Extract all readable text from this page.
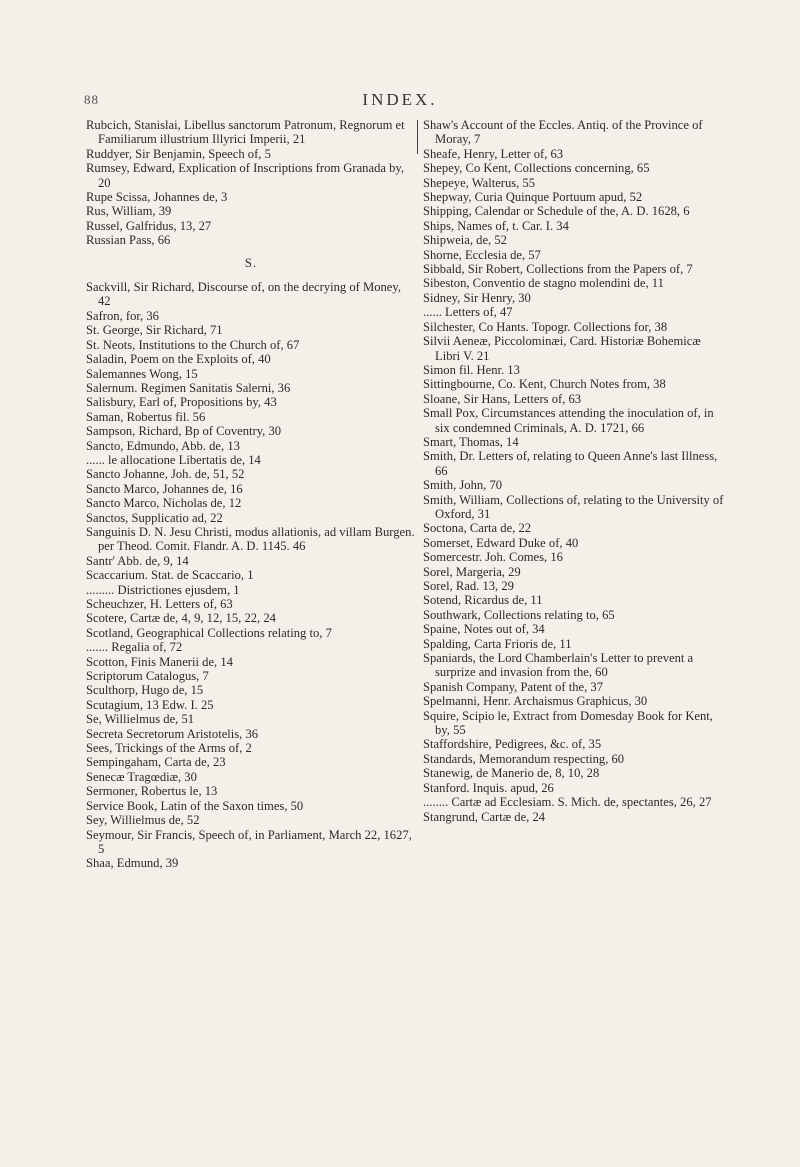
88	INDEX.
Rubcich, Stanislai, Libellus sanctorum Patronum, Regnorum et Familiarum illustrium Illyrici Imperii, 21
Ruddyer, Sir Benjamin, Speech of, 5
Rumsey, Edward, Explication of Inscriptions from Granada by, 20
Rupe Scissa, Johannes de, 3
Rus, William, 39
Russel, Galfridus, 13, 27
Russian Pass, 66
S.
Sackvill, Sir Richard, Discourse of, on the decrying of Money, 42
Safron, for, 36
St. George, Sir Richard, 71
St. Neots, Institutions to the Church of, 67
Saladin, Poem on the Exploits of, 40
Salemannes Wong, 15
Salernum. Regimen Sanitatis Salerni, 36
Salisbury, Earl of, Propositions by, 43
Saman, Robertus fil. 56
Sampson, Richard, Bp of Coventry, 30
Sancto, Edmundo, Abb. de, 13
...... le allocatione Libertatis de, 14
Sancto Johanne, Joh. de, 51, 52
Sancto Marco, Johannes de, 16
Sancto Marco, Nicholas de, 12
Sanctos, Supplicatio ad, 22
Sanguinis D. N. Jesu Christi, modus allationis, ad villam Burgen. per Theod. Comit. Flandr. A. D. 1145. 46
Santr' Abb. de, 9, 14
Scaccarium. Stat. de Scaccario, 1
......... Districtiones ejusdem, 1
Scheuchzer, H. Letters of, 63
Scotere, Cartæ de, 4, 9, 12, 15, 22, 24
Scotland, Geographical Collections relating to, 7
....... Regalia of, 72
Scotton, Finis Manerii de, 14
Scriptorum Catalogus, 7
Sculthorp, Hugo de, 15
Scutagium, 13 Edw. I. 25
Se, Willielmus de, 51
Secreta Secretorum Aristotelis, 36
Sees, Trickings of the Arms of, 2
Sempingaham, Carta de, 23
Senecæ Tragœdiæ, 30
Sermoner, Robertus le, 13
Service Book, Latin of the Saxon times, 50
Sey, Willielmus de, 52
Seymour, Sir Francis, Speech of, in Parliament, March 22, 1627, 5
Shaa, Edmund, 39
Shaw's Account of the Eccles. Antiq. of the Province of Moray, 7
Sheafe, Henry, Letter of, 63
Shepey, Co Kent, Collections concerning, 65
Shepeye, Walterus, 55
Shepway, Curia Quinque Portuum apud, 52
Shipping, Calendar or Schedule of the, A. D. 1628, 6
Ships, Names of, t. Car. I. 34
Shipweia, de, 52
Shorne, Ecclesia de, 57
Sibbald, Sir Robert, Collections from the Papers of, 7
Sibeston, Conventio de stagno molendini de, 11
Sidney, Sir Henry, 30
...... Letters of, 47
Silchester, Co Hants. Topogr. Collections for, 38
Silvii Aeneæ, Piccolominæi, Card. Historiæ Bohemicæ Libri V. 21
Simon fil. Henr. 13
Sittingbourne, Co. Kent, Church Notes from, 38
Sloane, Sir Hans, Letters of, 63
Small Pox, Circumstances attending the inoculation of, in six condemned Criminals, A. D. 1721, 66
Smart, Thomas, 14
Smith, Dr. Letters of, relating to Queen Anne's last Illness, 66
Smith, John, 70
Smith, William, Collections of, relating to the University of Oxford, 31
Soctona, Carta de, 22
Somerset, Edward Duke of, 40
Somercestr. Joh. Comes, 16
Sorel, Margeria, 29
Sorel, Rad. 13, 29
Sotend, Ricardus de, 11
Southwark, Collections relating to, 65
Spaine, Notes out of, 34
Spalding, Carta Frioris de, 11
Spaniards, the Lord Chamberlain's Letter to prevent a surprize and invasion from the, 60
Spanish Company, Patent of the, 37
Spelmanni, Henr. Archaismus Graphicus, 30
Squire, Scipio le, Extract from Domesday Book for Kent, by, 55
Staffordshire, Pedigrees, &c. of, 35
Standards, Memorandum respecting, 60
Stanewig, de Manerio de, 8, 10, 28
Stanford. Inquis. apud, 26
........ Cartæ ad Ecclesiam. S. Mich. de, spectantes, 26, 27
Stangrund, Cartæ de, 24
